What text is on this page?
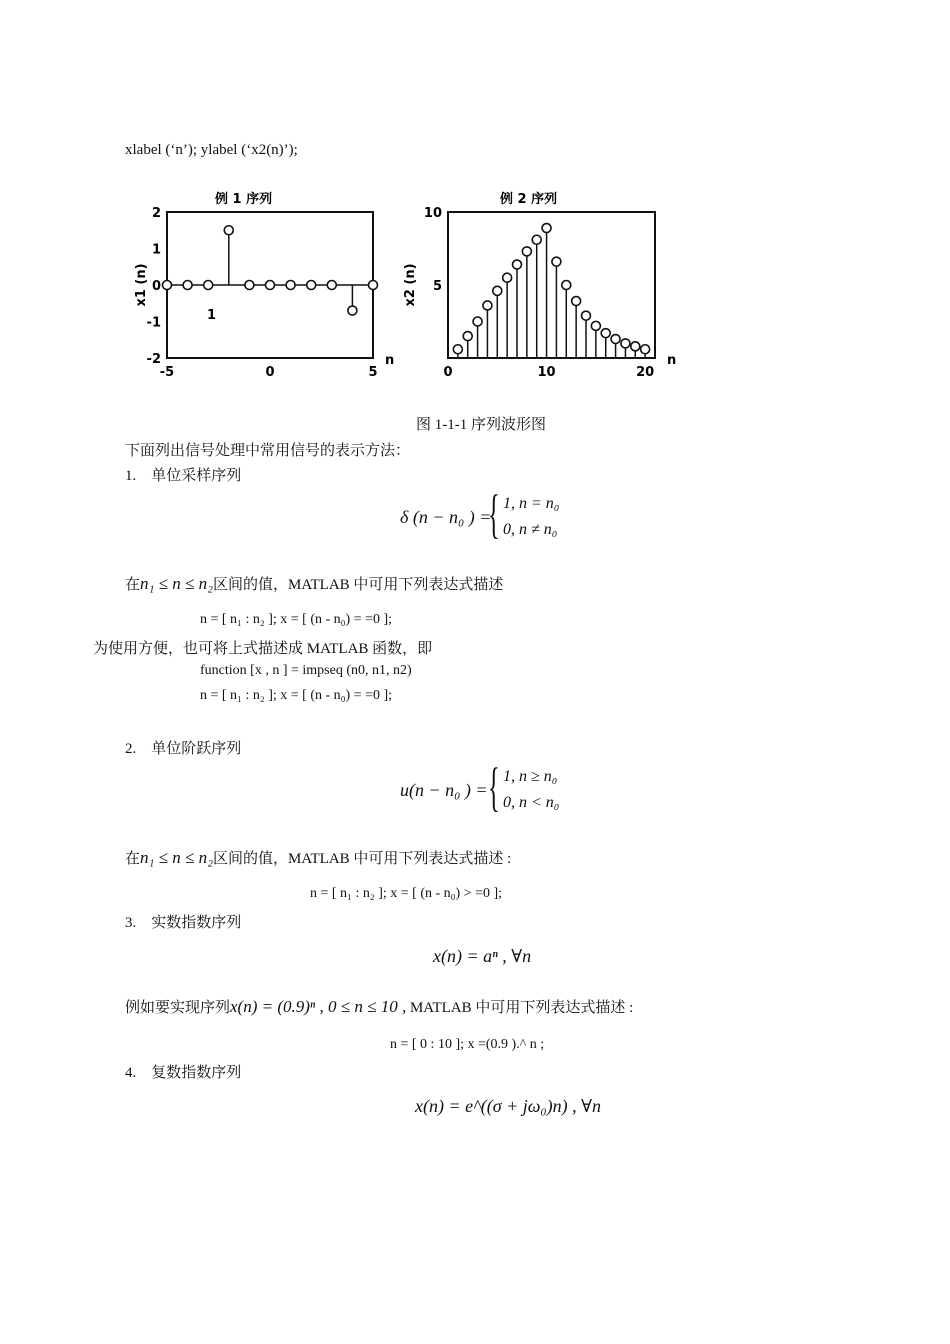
xlabel (‘n’); ylabel (‘x2(n)’);
例 1 序列
-5	0	5
2
1
0
-1
-2	n
x1 (n)
1
例 2 序列
0	10	20
10
5
n
x2 (n)
图 1-1-1 序列波形图
下面列出信号处理中常用信号的表示方法：
1. 单位采样序列
δ (n − n₀ ) =
{ 1, n = n₀
0, n ≠ n₀
在n₁ ≤ n ≤ n₂区间的值，MATLAB 中可用下列表达式描述
n = [ n₁ : n₂ ]; x = [ (n - n₀) = =0 ];
为使用方便，也可将上式描述成 MATLAB 函数，即
function [x , n ] = impseq (n0, n1, n2)
n = [ n₁ : n₂ ]; x = [ (n - n₀) = =0 ];
2. 单位阶跃序列
u(n − n₀ ) = { 1, n ≥ n₀
0, n < n₀
在n₁ ≤ n ≤ n₂区间的值，MATLAB 中可用下列表达式描述 :
n = [ n₁ : n₂ ]; x = [ (n - n₀) > =0 ];
3. 实数指数序列
x(n) = aⁿ , ∀n
例如要实现序列x(n) = (0.9)ⁿ , 0 ≤ n ≤ 10 , MATLAB 中可用下列表达式描述 :
n = [ 0 : 10 ]; x =(0.9 ).^ n ;
4. 复数指数序列
x(n) = e^((σ + jω₀)n) , ∀n
